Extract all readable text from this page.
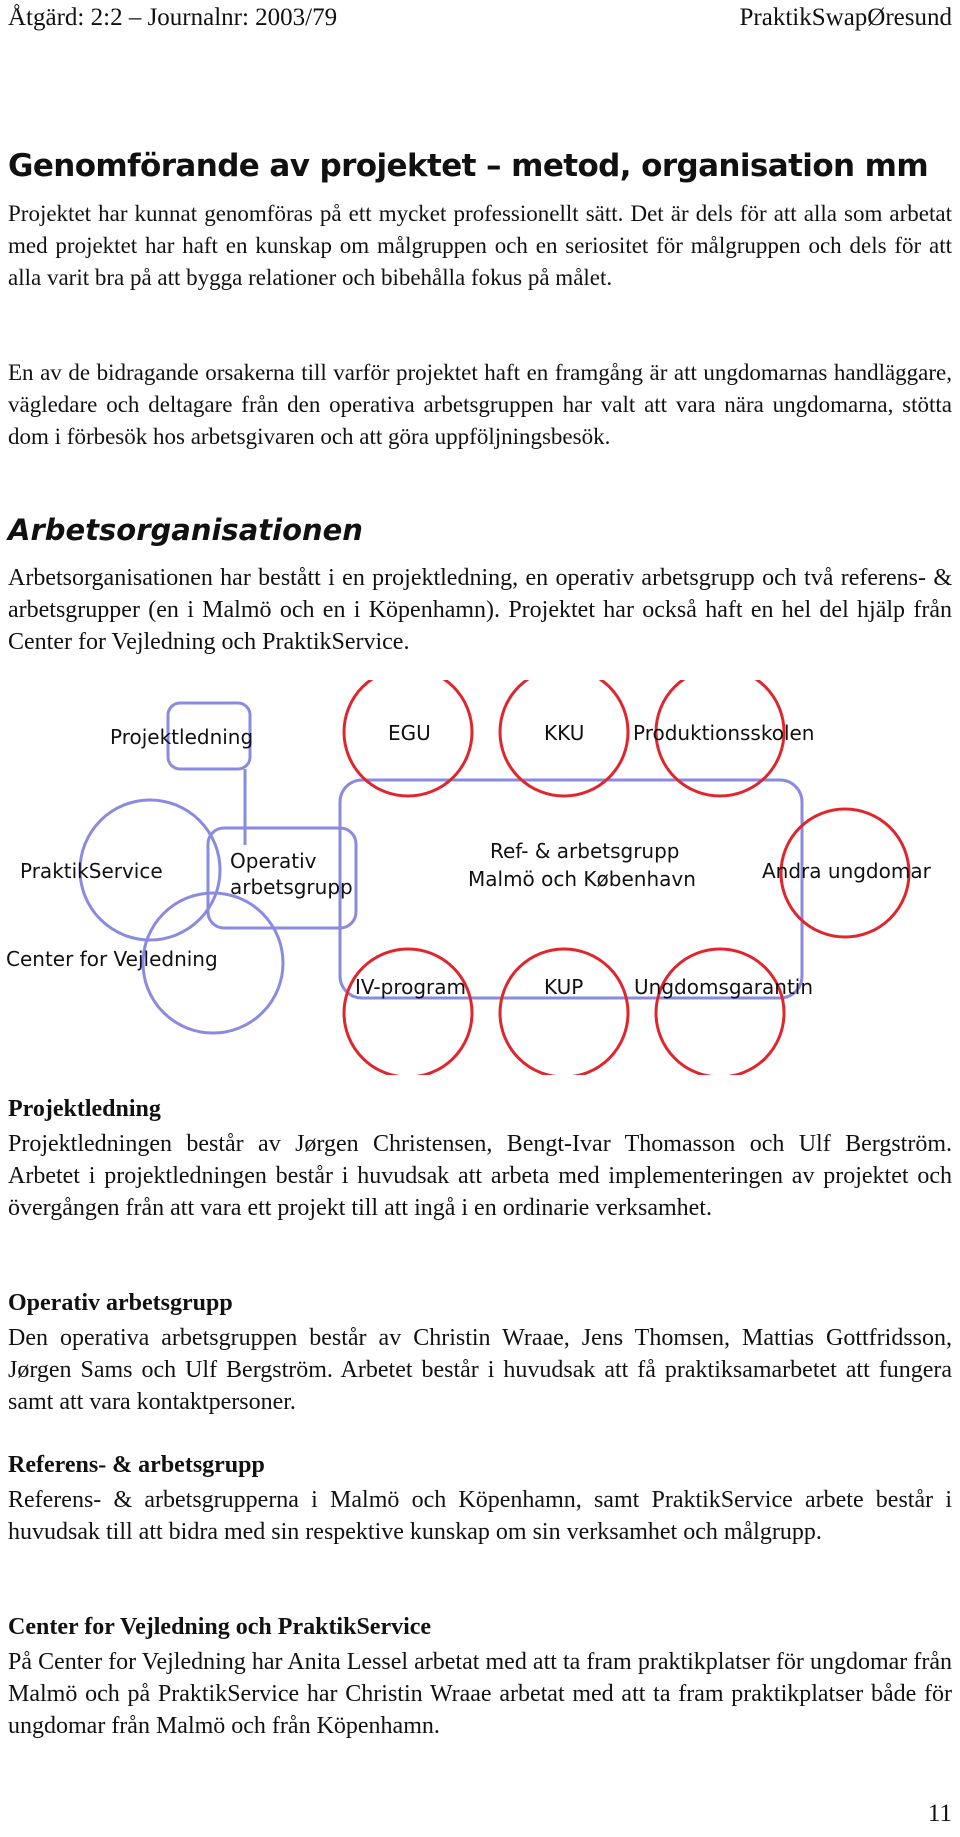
Åtgärd: 2:2 – Journalnr: 2003/79	PraktikSwapØresund
Genomförande av projektet – metod, organisation mm

Projektet har kunnat genomföras på ett mycket professionellt sätt. Det är dels för att alla som arbetat med projektet har haft en kunskap om målgruppen och en seriositet för målgruppen och dels för att alla varit bra på att bygga relationer och bibehålla fokus på målet.

En av de bidragande orsakerna till varför projektet haft en framgång är att ungdomarnas handläggare, vägledare och deltagare från den operativa arbetsgruppen har valt att vara nära ungdomarna, stötta dom i förbesök hos arbetsgivaren och att göra uppföljningsbesök.

Arbetsorganisationen

Arbetsorganisationen har bestått i en projektledning, en operativ arbetsgrupp och två referens- & arbetsgrupper (en i Malmö och en i Köpenhamn). Projektet har också haft en hel del hjälp från Center for Vejledning och PraktikService.

Projektledning	EGU	KKU Produktionsskolen
PraktikService	Operativ
arbetsgrupp
Ref- & arbetsgrupp
Malmö och København	Andra ungdomar
Center for Vejledning
IV-program	KUP	Ungdomsgarantin
Projektledning

Projektledningen består av Jørgen Christensen, Bengt-Ivar Thomasson och Ulf Bergström. Arbetet i projektledningen består i huvudsak att arbeta med implementeringen av projektet och övergången från att vara ett projekt till att ingå i en ordinarie verksamhet.

Operativ arbetsgrupp

Den operativa arbetsgruppen består av Christin Wraae, Jens Thomsen, Mattias Gottfridsson, Jørgen Sams och Ulf Bergström. Arbetet består i huvudsak att få praktiksamarbetet att fungera samt att vara kontaktpersoner.

Referens- & arbetsgrupp

Referens- & arbetsgrupperna i Malmö och Köpenhamn, samt PraktikService arbete består i huvudsak till att bidra med sin respektive kunskap om sin verksamhet och målgrupp.

Center for Vejledning och PraktikService

På Center for Vejledning har Anita Lessel arbetat med att ta fram praktikplatser för ungdomar från Malmö och på PraktikService har Christin Wraae arbetat med att ta fram praktikplatser både för ungdomar från Malmö och från Köpenhamn.

11
